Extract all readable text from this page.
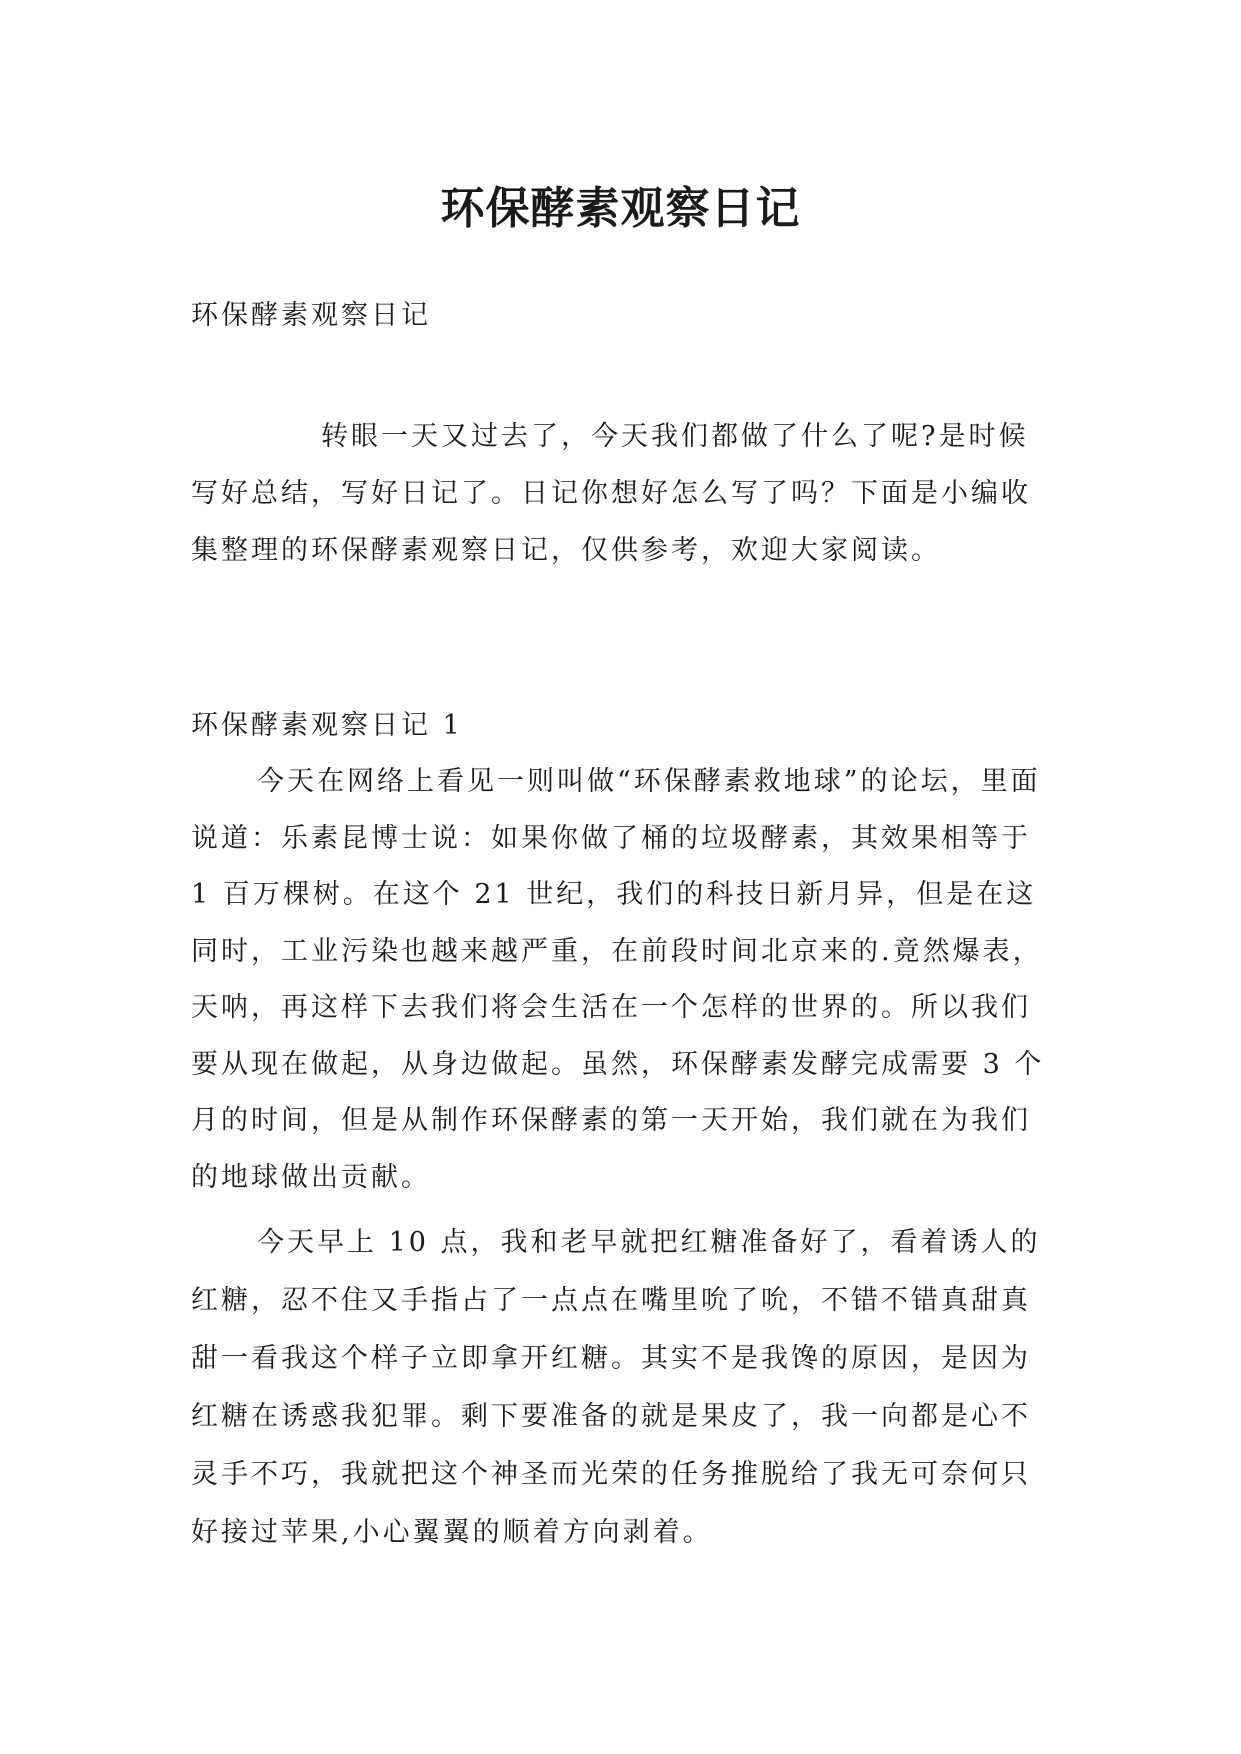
环保酵素观察日记

环保酵素观察日记

转眼一天又过去了，今天我们都做了什么了呢?是时候写好总结，写好日记了。日记你想好怎么写了吗？下面是小编收集整理的环保酵素观察日记，仅供参考，欢迎大家阅读。

环保酵素观察日记 1

今天在网络上看见一则叫做“环保酵素救地球”的论坛，里面说道：乐素昆博士说：如果你做了桶的垃圾酵素，其效果相等于 1 百万棵树。在这个 21 世纪，我们的科技日新月异，但是在这同时，工业污染也越来越严重，在前段时间北京来的.竟然爆表，天呐，再这样下去我们将会生活在一个怎样的世界的。所以我们要从现在做起，从身边做起。虽然，环保酵素发酵完成需要 3 个月的时间，但是从制作环保酵素的第一天开始，我们就在为我们的地球做出贡献。

今天早上 10 点，我和老早就把红糖准备好了，看着诱人的红糖，忍不住又手指占了一点点在嘴里吮了吮，不错不错真甜真甜一看我这个样子立即拿开红糖。其实不是我馋的原因，是因为红糖在诱惑我犯罪。剩下要准备的就是果皮了，我一向都是心不灵手不巧，我就把这个神圣而光荣的任务推脱给了我无可奈何只好接过苹果,小心翼翼的顺着方向剥着。
